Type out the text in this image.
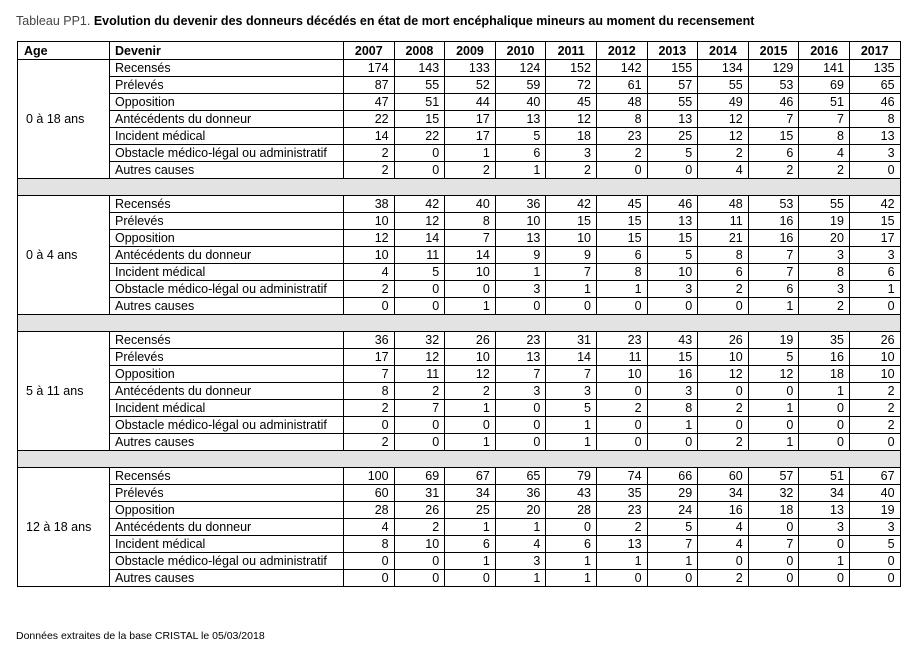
Tableau PP1. Evolution du devenir des donneurs décédés en état de mort encéphalique mineurs au moment du recensement
Age	Devenir	2007	2008	2009	2010	2011	2012	2013	2014	2015	2016	2017
0 à 18 ans	Recensés	174	143	133	124	152	142	155	134	129	141	135
	Prélevés	87	55	52	59	72	61	57	55	53	69	65
	Opposition	47	51	44	40	45	48	55	49	46	51	46
	Antécédents du donneur	22	15	17	13	12	8	13	12	7	7	8
	Incident médical	14	22	17	5	18	23	25	12	15	8	13
	Obstacle médico-légal ou administratif	2	0	1	6	3	2	5	2	6	4	3
	Autres causes	2	0	2	1	2	0	0	4	2	2	0

0 à 4 ans	Recensés	38	42	40	36	42	45	46	48	53	55	42
	Prélevés	10	12	8	10	15	15	13	11	16	19	15
	Opposition	12	14	7	13	10	15	15	21	16	20	17
	Antécédents du donneur	10	11	14	9	9	6	5	8	7	3	3
	Incident médical	4	5	10	1	7	8	10	6	7	8	6
	Obstacle médico-légal ou administratif	2	0	0	3	1	1	3	2	6	3	1
	Autres causes	0	0	1	0	0	0	0	0	1	2	0

5 à 11 ans	Recensés	36	32	26	23	31	23	43	26	19	35	26
	Prélevés	17	12	10	13	14	11	15	10	5	16	10
	Opposition	7	11	12	7	7	10	16	12	12	18	10
	Antécédents du donneur	8	2	2	3	3	0	3	0	0	1	2
	Incident médical	2	7	1	0	5	2	8	2	1	0	2
	Obstacle médico-légal ou administratif	0	0	0	0	1	0	1	0	0	0	2
	Autres causes	2	0	1	0	1	0	0	2	1	0	0

12 à 18 ans	Recensés	100	69	67	65	79	74	66	60	57	51	67
	Prélevés	60	31	34	36	43	35	29	34	32	34	40
	Opposition	28	26	25	20	28	23	24	16	18	13	19
	Antécédents du donneur	4	2	1	1	0	2	5	4	0	3	3
	Incident médical	8	10	6	4	6	13	7	4	7	0	5
	Obstacle médico-légal ou administratif	0	0	1	3	1	1	1	0	0	1	0
	Autres causes	0	0	0	1	1	0	0	2	0	0	0
Données extraites de la base CRISTAL le 05/03/2018
